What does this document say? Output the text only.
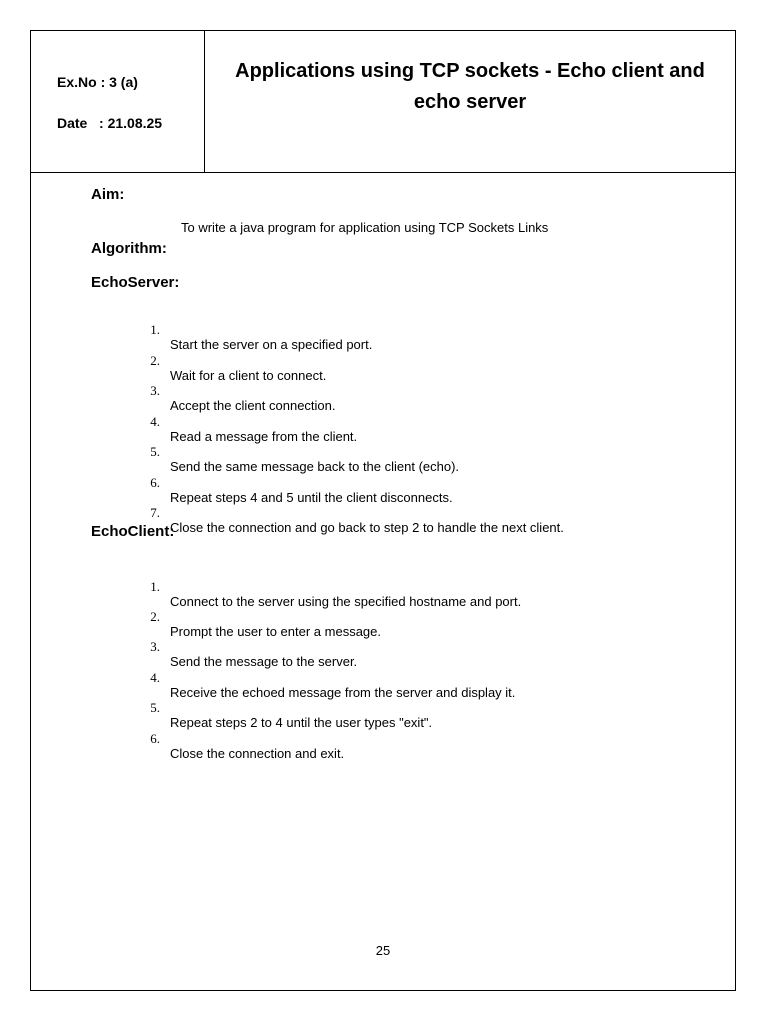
Ex.No : 3 (a)
Date   : 21.08.25
Applications using TCP sockets - Echo client and
echo server
Aim:
To write a java program for application using TCP Sockets Links
Algorithm:
EchoServer:

1.

Start the server on a specified port.

2.

Wait for a client to connect.

3.

Accept the client connection.

4.

Read a message from the client.

5.

Send the same message back to the client (echo).

6.

Repeat steps 4 and 5 until the client disconnects.

7.

Close the connection and go back to step 2 to handle the next client.

EchoClient:

1.

Connect to the server using the specified hostname and port.

2.

Prompt the user to enter a message.

3.

Send the message to the server.

4.

Receive the echoed message from the server and display it.

5.

Repeat steps 2 to 4 until the user types "exit".

6.

Close the connection and exit.

25
